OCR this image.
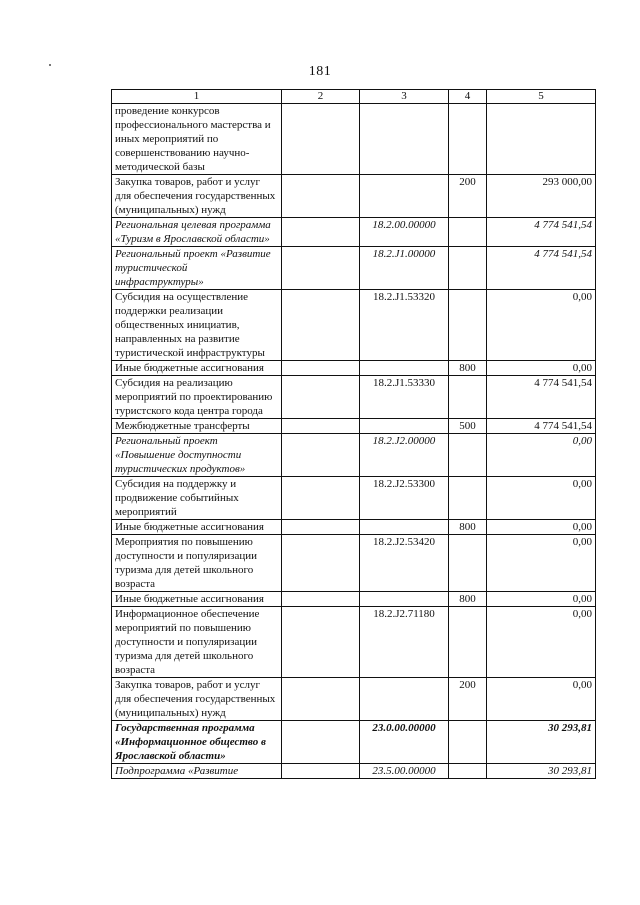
181
1	2	3	4	5
проведение конкурсов профессионального мастерства и иных мероприятий по совершенствованию научно-методической базы				
Закупка товаров, работ и услуг для обеспечения государственных (муниципальных) нужд			200	293 000,00
Региональная целевая программа «Туризм в Ярославской области»		18.2.00.00000		4 774 541,54
Региональный проект «Развитие туристической инфраструктуры»		18.2.J1.00000		4 774 541,54
Субсидия на осуществление поддержки реализации общественных инициатив, направленных на развитие туристической инфраструктуры		18.2.J1.53320		0,00
Иные бюджетные ассигнования			800	0,00
Субсидия на реализацию мероприятий по проектированию туристского кода центра города		18.2.J1.53330		4 774 541,54
Межбюджетные трансферты			500	4 774 541,54
Региональный проект «Повышение доступности туристических продуктов»		18.2.J2.00000		0,00
Субсидия на поддержку и продвижение событийных мероприятий		18.2.J2.53300		0,00
Иные бюджетные ассигнования			800	0,00
Мероприятия по повышению доступности и популяризации туризма для детей школьного возраста		18.2.J2.53420		0,00
Иные бюджетные ассигнования			800	0,00
Информационное обеспечение мероприятий по повышению доступности и популяризации туризма для детей школьного возраста		18.2.J2.71180		0,00
Закупка товаров, работ и услуг для обеспечения государственных (муниципальных) нужд			200	0,00
Государственная программа «Информационное общество в Ярославской области»		23.0.00.00000		30 293,81
Подпрограмма «Развитие		23.5.00.00000		30 293,81
